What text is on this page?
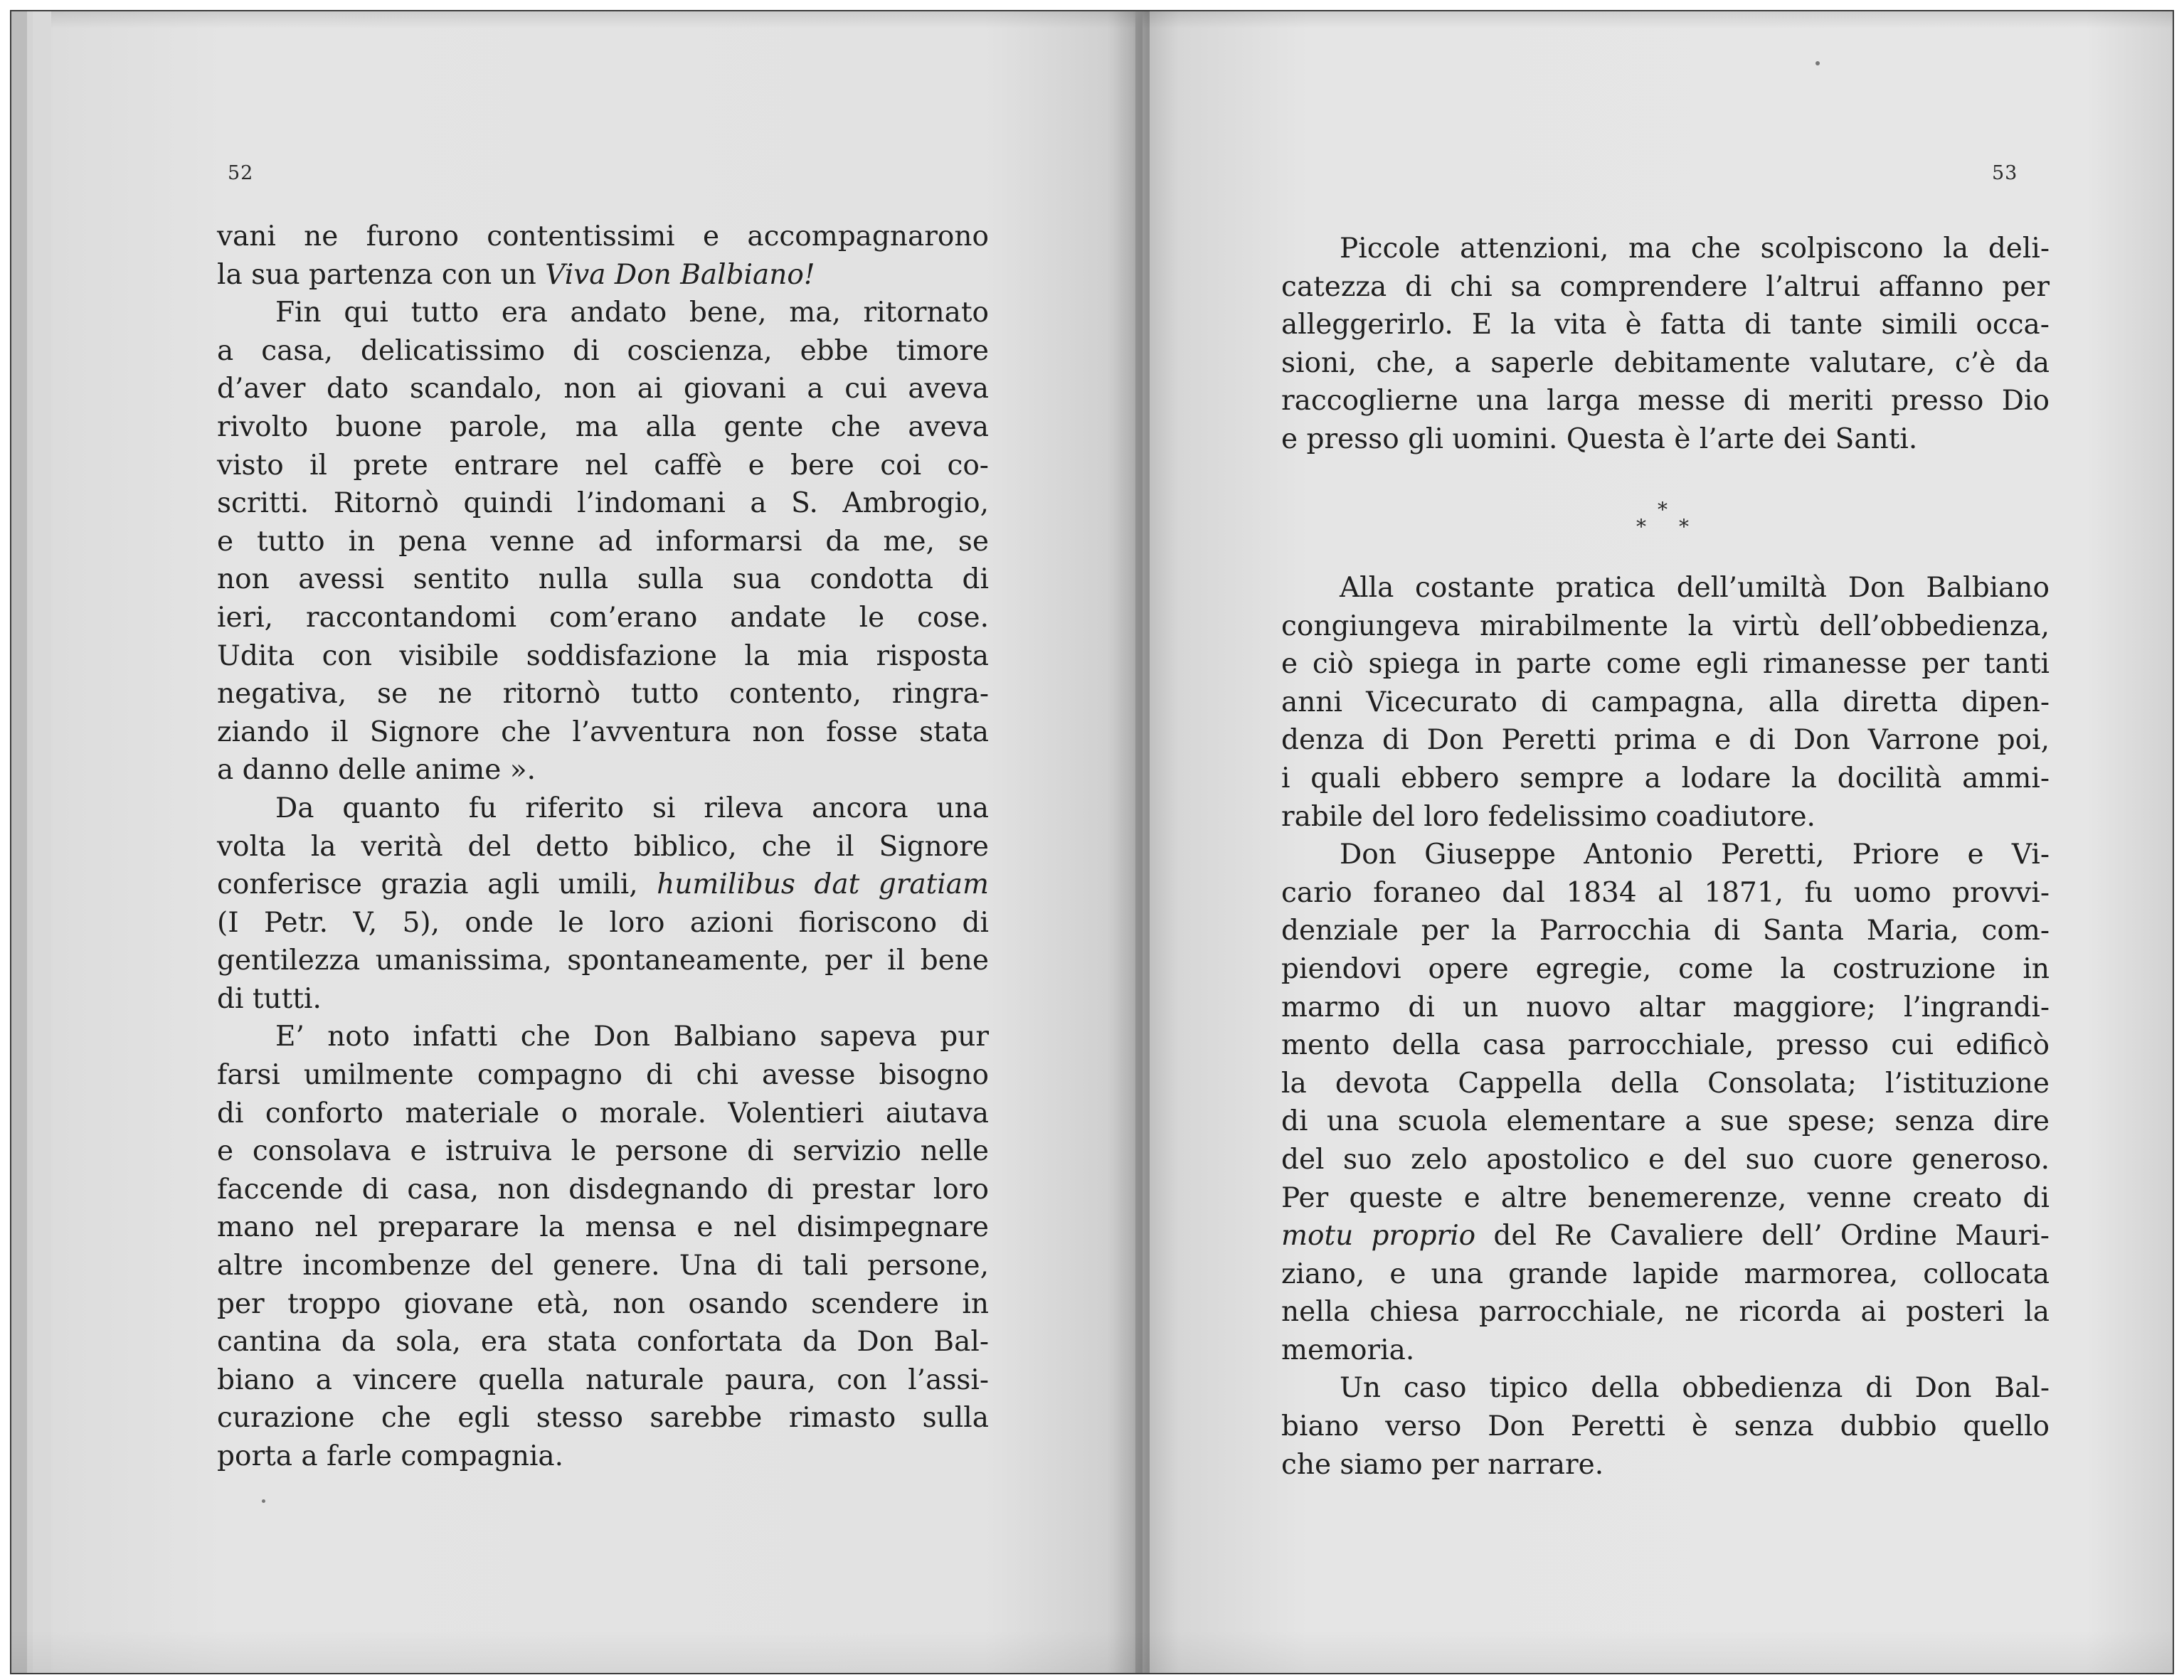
52	53
vani ne furono contentissimi e accompagnarono
la sua partenza con un Viva Don Balbiano!
Fin qui tutto era andato bene, ma, ritornato
a casa, delicatissimo di coscienza, ebbe timore
d’aver dato scandalo, non ai giovani a cui aveva
rivolto buone parole, ma alla gente che aveva
visto il prete entrare nel caffè e bere coi co-
scritti. Ritornò quindi l’indomani a S. Ambrogio,
e tutto in pena venne ad informarsi da me, se
non avessi sentito nulla sulla sua condotta di
ieri, raccontandomi com’erano andate le cose.
Udita con visibile soddisfazione la mia risposta
negativa, se ne ritornò tutto contento, ringra-
ziando il Signore che l’avventura non fosse stata
a danno delle anime ».
Da quanto fu riferito si rileva ancora una
volta la verità del detto biblico, che il Signore
conferisce grazia agli umili, humilibus dat gratiam
(I Petr. V, 5), onde le loro azioni fioriscono di
gentilezza umanissima, spontaneamente, per il bene
di tutti.
E’ noto infatti che Don Balbiano sapeva pur
farsi umilmente compagno di chi avesse bisogno
di conforto materiale o morale. Volentieri aiutava
e consolava e istruiva le persone di servizio nelle
faccende di casa, non disdegnando di prestar loro
mano nel preparare la mensa e nel disimpegnare
altre incombenze del genere. Una di tali persone,
per troppo giovane età, non osando scendere in
cantina da sola, era stata confortata da Don Bal-
biano a vincere quella naturale paura, con l’assi-
curazione che egli stesso sarebbe rimasto sulla
porta a farle compagnia.
Piccole attenzioni, ma che scolpiscono la deli-
catezza di chi sa comprendere l’altrui affanno per
alleggerirlo. E la vita è fatta di tante simili occa-
sioni, che, a saperle debitamente valutare, c’è da
raccoglierne una larga messe di meriti presso Dio
e presso gli uomini. Questa è l’arte dei Santi.
*
* *
Alla costante pratica dell’umiltà Don Balbiano
congiungeva mirabilmente la virtù dell’obbedienza,
e ciò spiega in parte come egli rimanesse per tanti
anni Vicecurato di campagna, alla diretta dipen-
denza di Don Peretti prima e di Don Varrone poi,
i quali ebbero sempre a lodare la docilità ammi-
rabile del loro fedelissimo coadiutore.
Don Giuseppe Antonio Peretti, Priore e Vi-
cario foraneo dal 1834 al 1871, fu uomo provvi-
denziale per la Parrocchia di Santa Maria, com-
piendovi opere egregie, come la costruzione in
marmo di un nuovo altar maggiore; l’ingrandi-
mento della casa parrocchiale, presso cui edificò
la devota Cappella della Consolata; l’istituzione
di una scuola elementare a sue spese; senza dire
del suo zelo apostolico e del suo cuore generoso.
Per queste e altre benemerenze, venne creato di
motu proprio del Re Cavaliere dell’ Ordine Mauri-
ziano, e una grande lapide marmorea, collocata
nella chiesa parrocchiale, ne ricorda ai posteri la
memoria.
Un caso tipico della obbedienza di Don Bal-
biano verso Don Peretti è senza dubbio quello
che siamo per narrare.
